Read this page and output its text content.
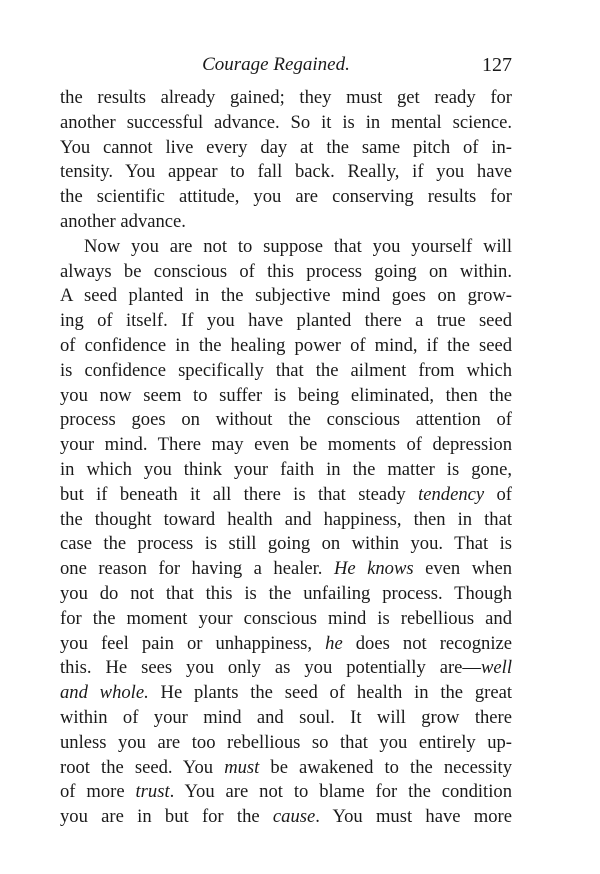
Courage Regained.	127
the results already gained; they must get ready for
another successful advance. So it is in mental science.
You cannot live every day at the same pitch of in-
tensity. You appear to fall back. Really, if you have
the scientific attitude, you are conserving results for
another advance.
Now you are not to suppose that you yourself will
always be conscious of this process going on within.
A seed planted in the subjective mind goes on grow-
ing of itself. If you have planted there a true seed
of confidence in the healing power of mind, if the seed
is confidence specifically that the ailment from which
you now seem to suffer is being eliminated, then the
process goes on without the conscious attention of
your mind. There may even be moments of depression
in which you think your faith in the matter is gone,
but if beneath it all there is that steady tendency of
the thought toward health and happiness, then in that
case the process is still going on within you. That is
one reason for having a healer. He knows even when
you do not that this is the unfailing process. Though
for the moment your conscious mind is rebellious and
you feel pain or unhappiness, he does not recognize
this. He sees you only as you potentially are—well
and whole. He plants the seed of health in the great
within of your mind and soul. It will grow there
unless you are too rebellious so that you entirely up-
root the seed. You must be awakened to the necessity
of more trust. You are not to blame for the condition
you are in but for the cause. You must have more
